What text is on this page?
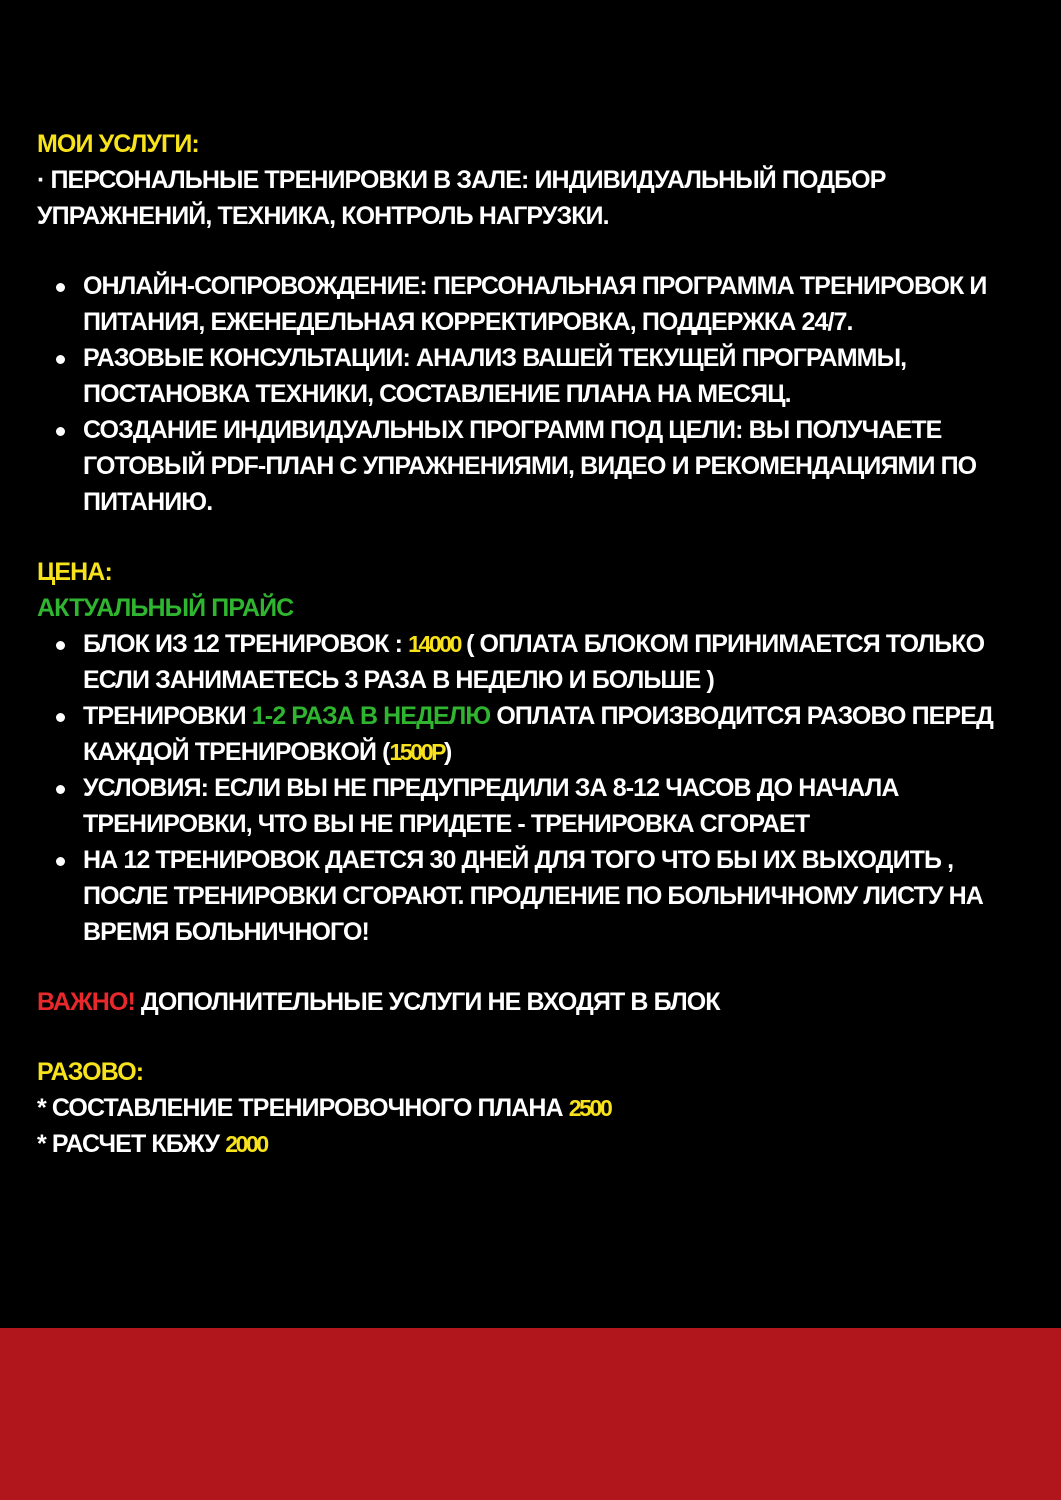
МОИ УСЛУГИ:
· ПЕРСОНАЛЬНЫЕ ТРЕНИРОВКИ В ЗАЛЕ: ИНДИВИДУАЛЬНЫЙ ПОДБОР УПРАЖНЕНИЙ, ТЕХНИКА, КОНТРОЛЬ НАГРУЗКИ.
ОНЛАЙН-СОПРОВОЖДЕНИЕ: ПЕРСОНАЛЬНАЯ ПРОГРАММА ТРЕНИРОВОК И ПИТАНИЯ, ЕЖЕНЕДЕЛЬНАЯ КОРРЕКТИРОВКА, ПОДДЕРЖКА 24/7.
РАЗОВЫЕ КОНСУЛЬТАЦИИ: АНАЛИЗ ВАШЕЙ ТЕКУЩЕЙ ПРОГРАММЫ, ПОСТАНОВКА ТЕХНИКИ, СОСТАВЛЕНИЕ ПЛАНА НА МЕСЯЦ.
СОЗДАНИЕ ИНДИВИДУАЛЬНЫХ ПРОГРАММ ПОД ЦЕЛИ: ВЫ ПОЛУЧАЕТЕ ГОТОВЫЙ PDF-ПЛАН С УПРАЖНЕНИЯМИ, ВИДЕО И РЕКОМЕНДАЦИЯМИ ПО ПИТАНИЮ.
ЦЕНА:
АКТУАЛЬНЫЙ ПРАЙС
БЛОК ИЗ 12 ТРЕНИРОВОК : 14000 ( ОПЛАТА БЛОКОМ ПРИНИМАЕТСЯ ТОЛЬКО ЕСЛИ ЗАНИМАЕТЕСЬ 3 РАЗА В НЕДЕЛЮ И БОЛЬШЕ )
ТРЕНИРОВКИ 1-2 РАЗА В НЕДЕЛЮ ОПЛАТА ПРОИЗВОДИТСЯ РАЗОВО ПЕРЕД КАЖДОЙ ТРЕНИРОВКОЙ (1500Р)
УСЛОВИЯ: ЕСЛИ ВЫ НЕ ПРЕДУПРЕДИЛИ ЗА 8-12 ЧАСОВ ДО НАЧАЛА ТРЕНИРОВКИ, ЧТО ВЫ НЕ ПРИДЕТЕ - ТРЕНИРОВКА СГОРАЕТ
НА 12 ТРЕНИРОВОК ДАЕТСЯ 30 ДНЕЙ ДЛЯ ТОГО ЧТО БЫ ИХ ВЫХОДИТЬ , ПОСЛЕ ТРЕНИРОВКИ СГОРАЮТ. ПРОДЛЕНИЕ ПО БОЛЬНИЧНОМУ ЛИСТУ НА ВРЕМЯ БОЛЬНИЧНОГО!
ВАЖНО! ДОПОЛНИТЕЛЬНЫЕ УСЛУГИ НЕ ВХОДЯТ В БЛОК
РАЗОВО:
* СОСТАВЛЕНИЕ ТРЕНИРОВОЧНОГО ПЛАНА 2500
* РАСЧЕТ КБЖУ 2000
